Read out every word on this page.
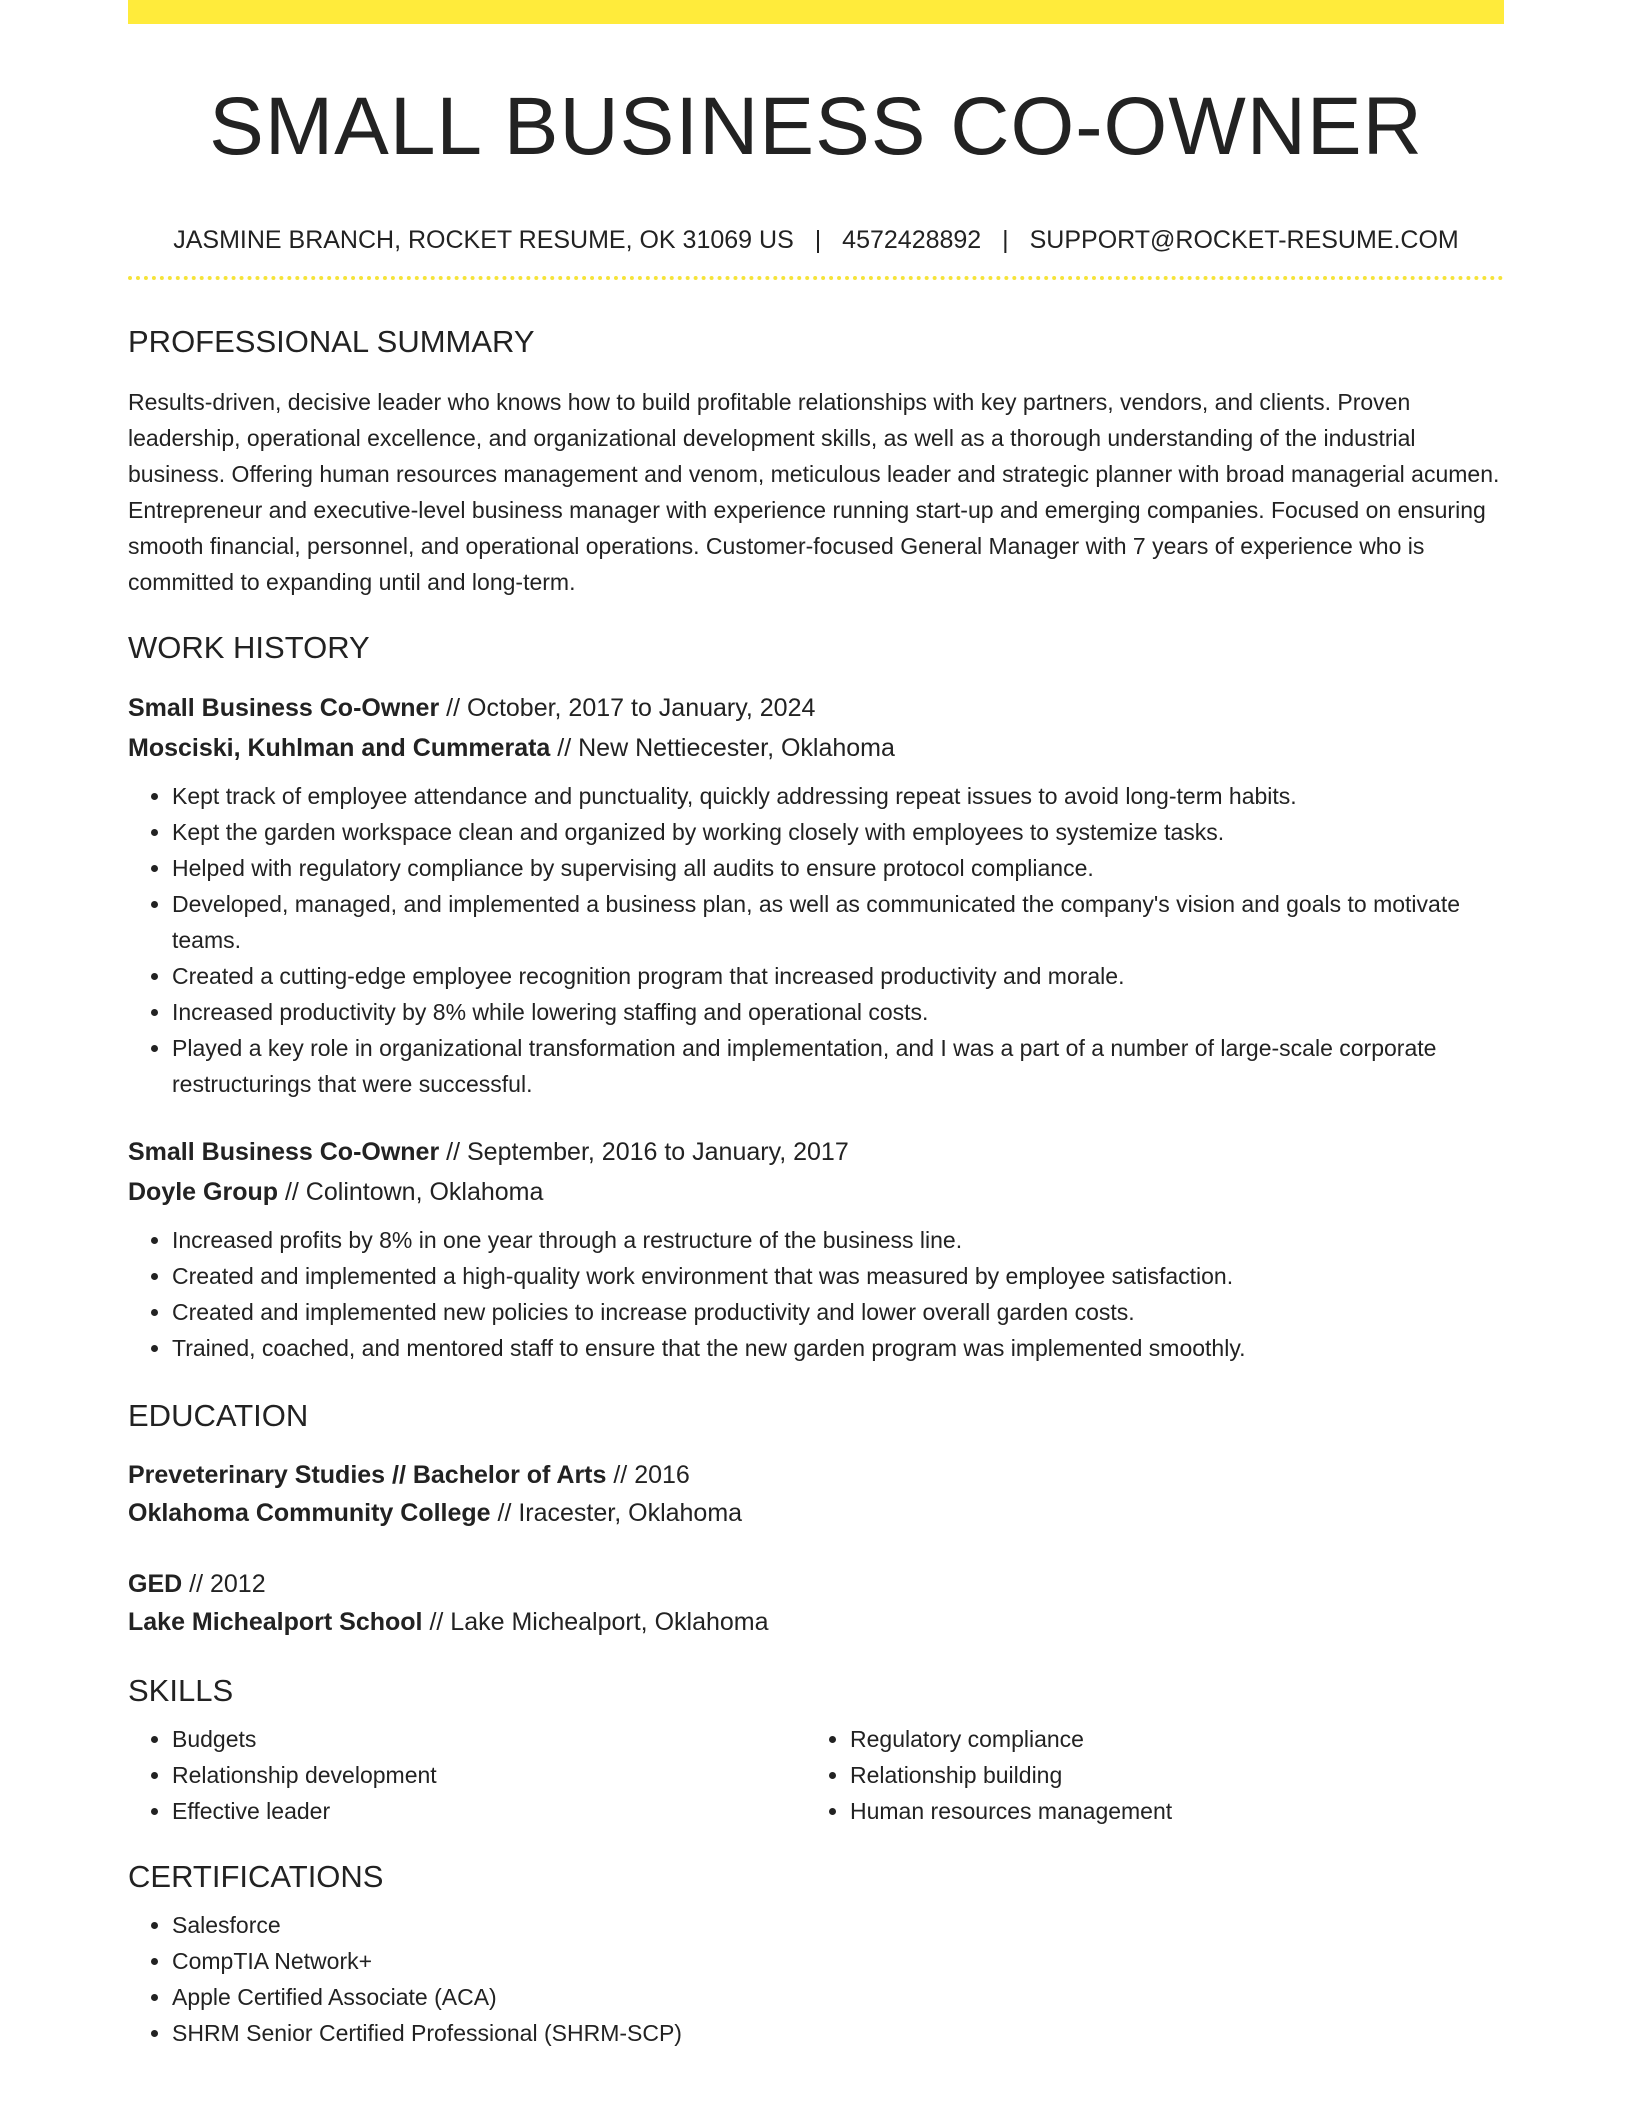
SMALL BUSINESS CO-OWNER
JASMINE BRANCH, ROCKET RESUME, OK 31069 US | 4572428892 | SUPPORT@ROCKET-RESUME.COM
PROFESSIONAL SUMMARY

Results-driven, decisive leader who knows how to build profitable relationships with key partners, vendors, and clients. Proven leadership, operational excellence, and organizational development skills, as well as a thorough understanding of the industrial business. Offering human resources management and venom, meticulous leader and strategic planner with broad managerial acumen. Entrepreneur and executive-level business manager with experience running start-up and emerging companies. Focused on ensuring smooth financial, personnel, and operational operations. Customer-focused General Manager with 7 years of experience who is committed to expanding until and long-term.

WORK HISTORY

Small Business Co-Owner // October, 2017 to January, 2024

Mosciski, Kuhlman and Cummerata // New Nettiecester, Oklahoma

• Kept track of employee attendance and punctuality, quickly addressing repeat issues to avoid long-term habits.
• Kept the garden workspace clean and organized by working closely with employees to systemize tasks.
• Helped with regulatory compliance by supervising all audits to ensure protocol compliance.
• Developed, managed, and implemented a business plan, as well as communicated the company's vision and goals to motivate teams.
• Created a cutting-edge employee recognition program that increased productivity and morale.
• Increased productivity by 8% while lowering staffing and operational costs.
• Played a key role in organizational transformation and implementation, and I was a part of a number of large-scale corporate restructurings that were successful.

Small Business Co-Owner // September, 2016 to January, 2017

Doyle Group // Colintown, Oklahoma

• Increased profits by 8% in one year through a restructure of the business line.
• Created and implemented a high-quality work environment that was measured by employee satisfaction.
• Created and implemented new policies to increase productivity and lower overall garden costs.
• Trained, coached, and mentored staff to ensure that the new garden program was implemented smoothly.
EDUCATION

Preveterinary Studies // Bachelor of Arts // 2016

Oklahoma Community College // Iracester, Oklahoma

GED // 2012

Lake Michealport School // Lake Michealport, Oklahoma

SKILLS
• Budgets
• Relationship development
• Effective leader
• Regulatory compliance
• Relationship building
• Human resources management
CERTIFICATIONS
• Salesforce
• CompTIA Network+
• Apple Certified Associate (ACA)
• SHRM Senior Certified Professional (SHRM-SCP)
